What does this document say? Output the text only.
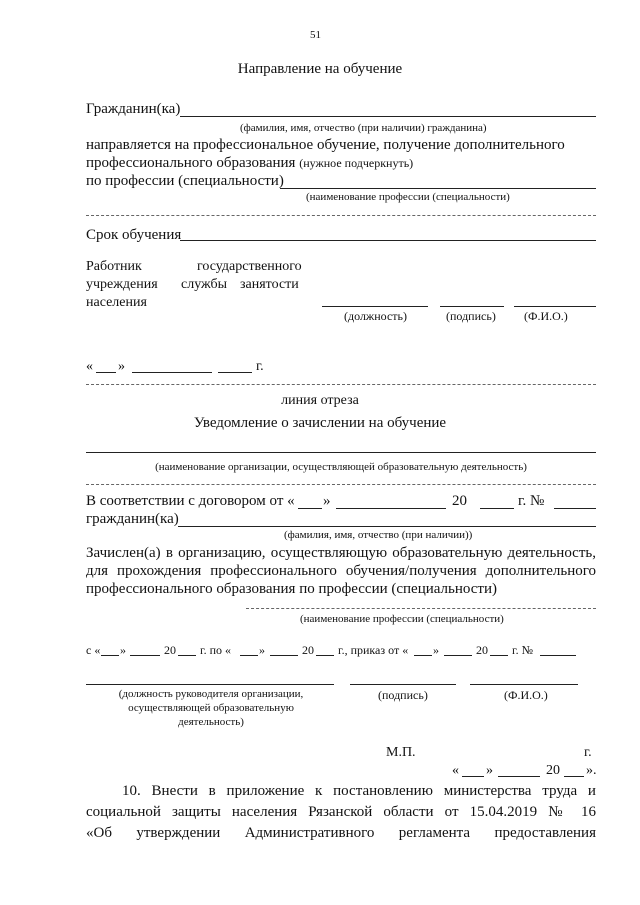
51
Направление на обучение
Гражданин(ка)
(фамилия, имя, отчество (при наличии) гражданина)
направляется на профессиональное обучение, получение дополнительного
профессионального образования (нужное подчеркнуть)
по профессии (специальности)
(наименование профессии (специальности)
Срок обучения
Работник	государственного
учреждения службы занятости
населения
(должность)	(подпись) (Ф.И.О.)
« »	г.
линия отреза
Уведомление о зачислении на обучение
(наименование организации, осуществляющей образовательную деятельность)
В соответствии с договором от « »	20	г. №
гражданин(ка)
(фамилия, имя, отчество (при наличии))
Зачислен(а) в организацию, осуществляющую образовательную деятельность,
для прохождения профессионального обучения/получения дополнительного
профессионального образования по профессии (специальности)
(наименование профессии (специальности)
с « »	20 г. по « »	20 г., приказ от « »	20 г. №
(должность руководителя организации,
осуществляющей образовательную
деятельность)
(подпись)	(Ф.И.О.)
М.П.	г.
« »	20 ».
10. Внести в приложение к постановлению министерства труда и
социальной защиты населения Рязанской области от 15.04.2019 № 16
«Об утверждении Административного регламента предоставления
